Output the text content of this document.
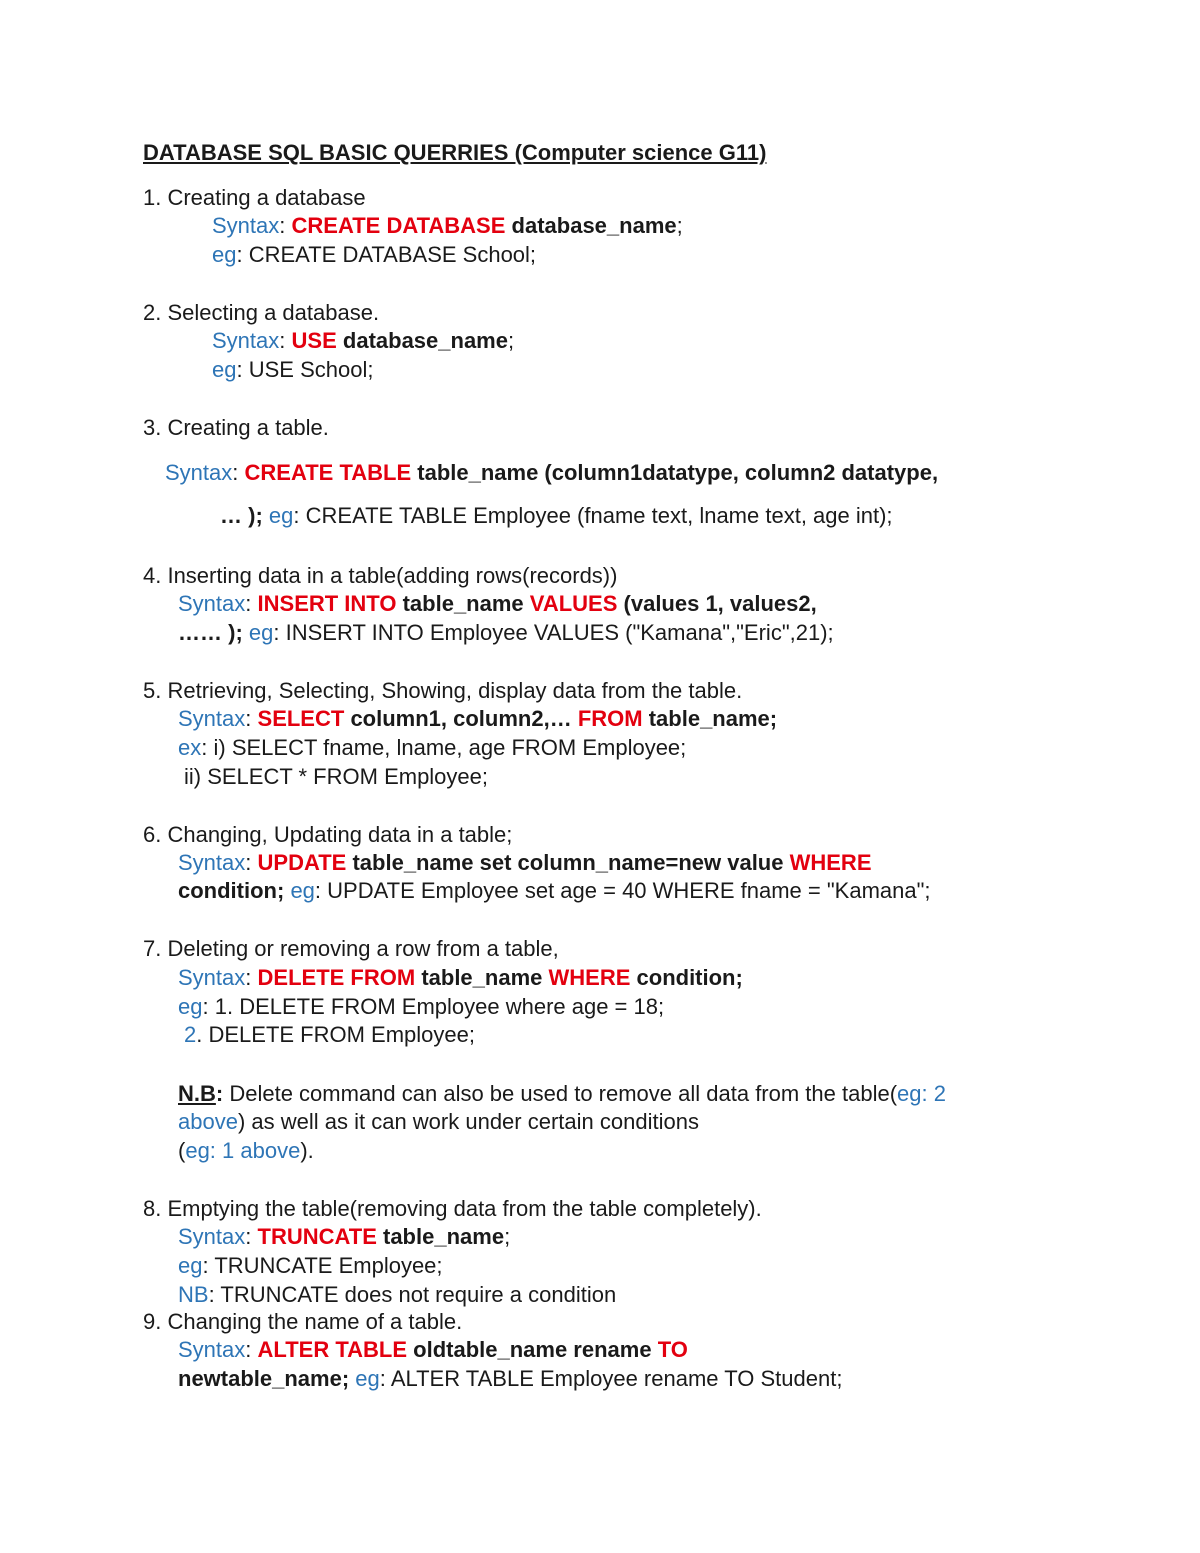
DATABASE SQL BASIC QUERRIES (Computer science G11)
1. Creating a database
Syntax: CREATE DATABASE database_name;
eg: CREATE DATABASE School;
2. Selecting a database.
Syntax: USE database_name;
eg: USE School;
3. Creating a table.
Syntax: CREATE TABLE table_name (column1datatype, column2 datatype,
… ); eg: CREATE TABLE Employee (fname text, lname text, age int);
4. Inserting data in a table(adding rows(records))
Syntax: INSERT INTO table_name VALUES (values 1, values2,
…… ); eg: INSERT INTO Employee VALUES ("Kamana","Eric",21);
5. Retrieving, Selecting, Showing, display data from the table.
Syntax: SELECT column1, column2,… FROM table_name;
ex: i) SELECT fname, lname, age FROM Employee;
ii) SELECT * FROM Employee;
6. Changing, Updating data in a table;
Syntax: UPDATE table_name set column_name=new value WHERE
condition; eg: UPDATE Employee set age = 40 WHERE fname = "Kamana";
7. Deleting or removing a row from a table,
Syntax: DELETE FROM table_name WHERE condition;
eg: 1. DELETE FROM Employee where age = 18;
2. DELETE FROM Employee;
N.B: Delete command can also be used to remove all data from the table(eg: 2
above) as well as it can work under certain conditions
(eg: 1 above).
8. Emptying the table(removing data from the table completely).
Syntax: TRUNCATE table_name;
eg: TRUNCATE Employee;
NB: TRUNCATE does not require a condition
9. Changing the name of a table.
Syntax: ALTER TABLE oldtable_name rename TO
newtable_name; eg: ALTER TABLE Employee rename TO Student;
